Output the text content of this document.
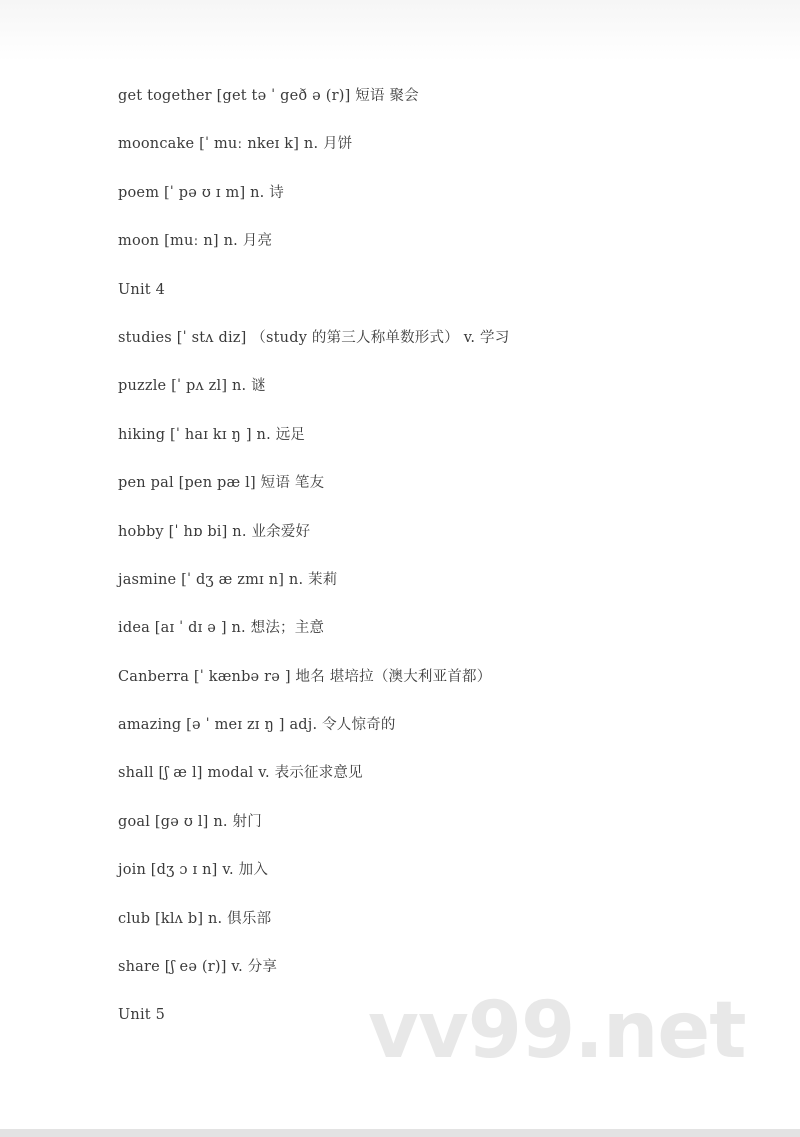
get together [get tə ˈ geð ə (r)] 短语 聚会
mooncake [ˈ muː nkeɪ k] n. 月饼
poem [ˈ pə ʊ ɪ m] n. 诗
moon [muː n] n. 月亮
Unit 4
studies [ˈ stʌ diz] （study 的第三人称单数形式） v. 学习
puzzle [ˈ pʌ zl] n. 谜
hiking [ˈ haɪ kɪ ŋ ] n. 远足
pen pal [pen pæ l] 短语 笔友
hobby [ˈ hɒ bi] n. 业余爱好
jasmine [ˈ dʒ æ zmɪ n] n. 茉莉
idea [aɪ ˈ dɪ ə ] n. 想法；主意
Canberra [ˈ kænbə rə ] 地名 堪培拉（澳大利亚首都）
amazing [ə ˈ meɪ zɪ ŋ ] adj. 令人惊奇的
shall [ʃ æ l] modal v. 表示征求意见
goal [gə ʊ l] n. 射门
join [dʒ ɔ ɪ n] v. 加入
club [klʌ b] n. 俱乐部
share [ʃ eə (r)] v. 分享
Unit 5	vv99.net
